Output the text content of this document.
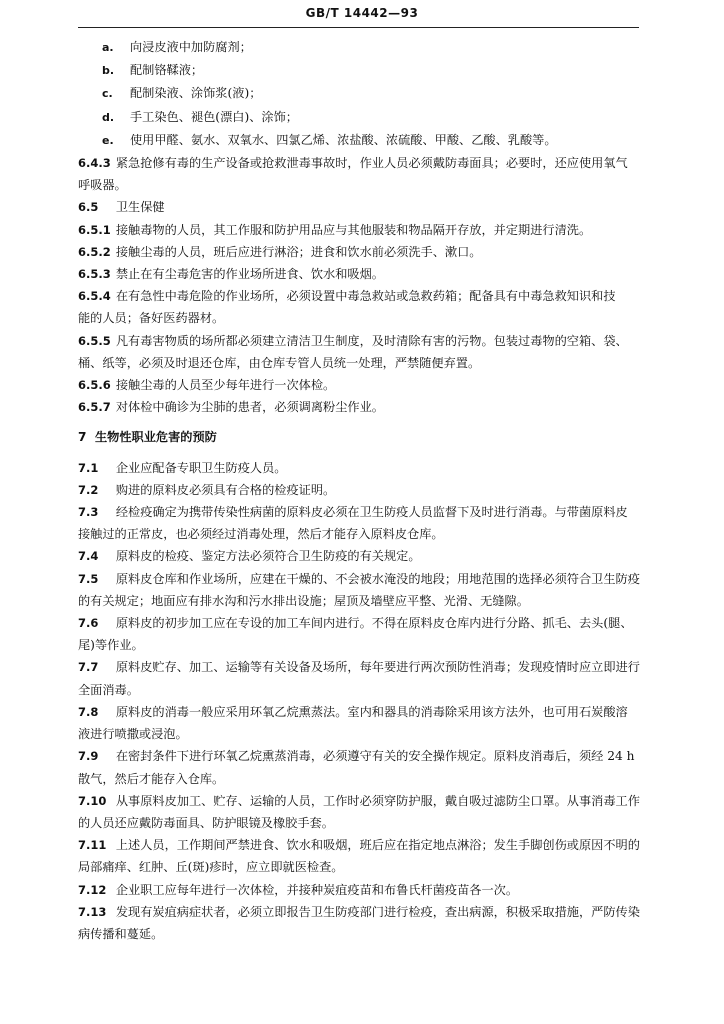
GB/T 14442—93
a. 向浸皮液中加防腐剂；
b. 配制铬鞣液；
c. 配制染液、涂饰浆(液)；
d. 手工染色、褪色(漂白)、涂饰；
e. 使用甲醛、氨水、双氧水、四氯乙烯、浓盐酸、浓硫酸、甲酸、乙酸、乳酸等。
6.4.3 紧急抢修有毒的生产设备或抢救泄毒事故时，作业人员必须戴防毒面具；必要时，还应使用氧气
呼吸器。
6.5 卫生保健
6.5.1 接触毒物的人员，其工作服和防护用品应与其他服装和物品隔开存放，并定期进行清洗。
6.5.2 接触尘毒的人员，班后应进行淋浴；进食和饮水前必须洗手、漱口。
6.5.3 禁止在有尘毒危害的作业场所进食、饮水和吸烟。
6.5.4 在有急性中毒危险的作业场所，必须设置中毒急救站或急救药箱；配备具有中毒急救知识和技
能的人员；备好医药器材。
6.5.5 凡有毒害物质的场所都必须建立清洁卫生制度，及时清除有害的污物。包装过毒物的空箱、袋、
桶、纸等，必须及时退还仓库，由仓库专管人员统一处理，严禁随便弃置。
6.5.6 接触尘毒的人员至少每年进行一次体检。
6.5.7 对体检中确诊为尘肺的患者，必须调离粉尘作业。
7 生物性职业危害的预防
7.1 企业应配备专职卫生防疫人员。
7.2 购进的原料皮必须具有合格的检疫证明。
7.3 经检疫确定为携带传染性病菌的原料皮必须在卫生防疫人员监督下及时进行消毒。与带菌原料皮
接触过的正常皮，也必须经过消毒处理，然后才能存入原料皮仓库。
7.4 原料皮的检疫、鉴定方法必须符合卫生防疫的有关规定。
7.5 原料皮仓库和作业场所，应建在干燥的、不会被水淹没的地段；用地范围的选择必须符合卫生防疫
的有关规定；地面应有排水沟和污水排出设施；屋顶及墙壁应平整、光滑、无缝隙。
7.6 原料皮的初步加工应在专设的加工车间内进行。不得在原料皮仓库内进行分路、抓毛、去头(腿、
尾)等作业。
7.7 原料皮贮存、加工、运输等有关设备及场所，每年要进行两次预防性消毒；发现疫情时应立即进行
全面消毒。
7.8 原料皮的消毒一般应采用环氧乙烷熏蒸法。室内和器具的消毒除采用该方法外，也可用石炭酸溶
液进行喷撒或浸泡。
7.9 在密封条件下进行环氧乙烷熏蒸消毒，必须遵守有关的安全操作规定。原料皮消毒后，须经 24 h
散气，然后才能存入仓库。
7.10 从事原料皮加工、贮存、运输的人员，工作时必须穿防护服，戴自吸过滤防尘口罩。从事消毒工作
的人员还应戴防毒面具、防护眼镜及橡胶手套。
7.11 上述人员，工作期间严禁进食、饮水和吸烟，班后应在指定地点淋浴；发生手脚创伤或原因不明的
局部痛痒、红肿、丘(斑)疹时，应立即就医检查。
7.12 企业职工应每年进行一次体检，并接种炭疽疫苗和布鲁氏杆菌疫苗各一次。
7.13 发现有炭疽病症状者，必须立即报告卫生防疫部门进行检疫，查出病源，积极采取措施，严防传染
病传播和蔓延。
